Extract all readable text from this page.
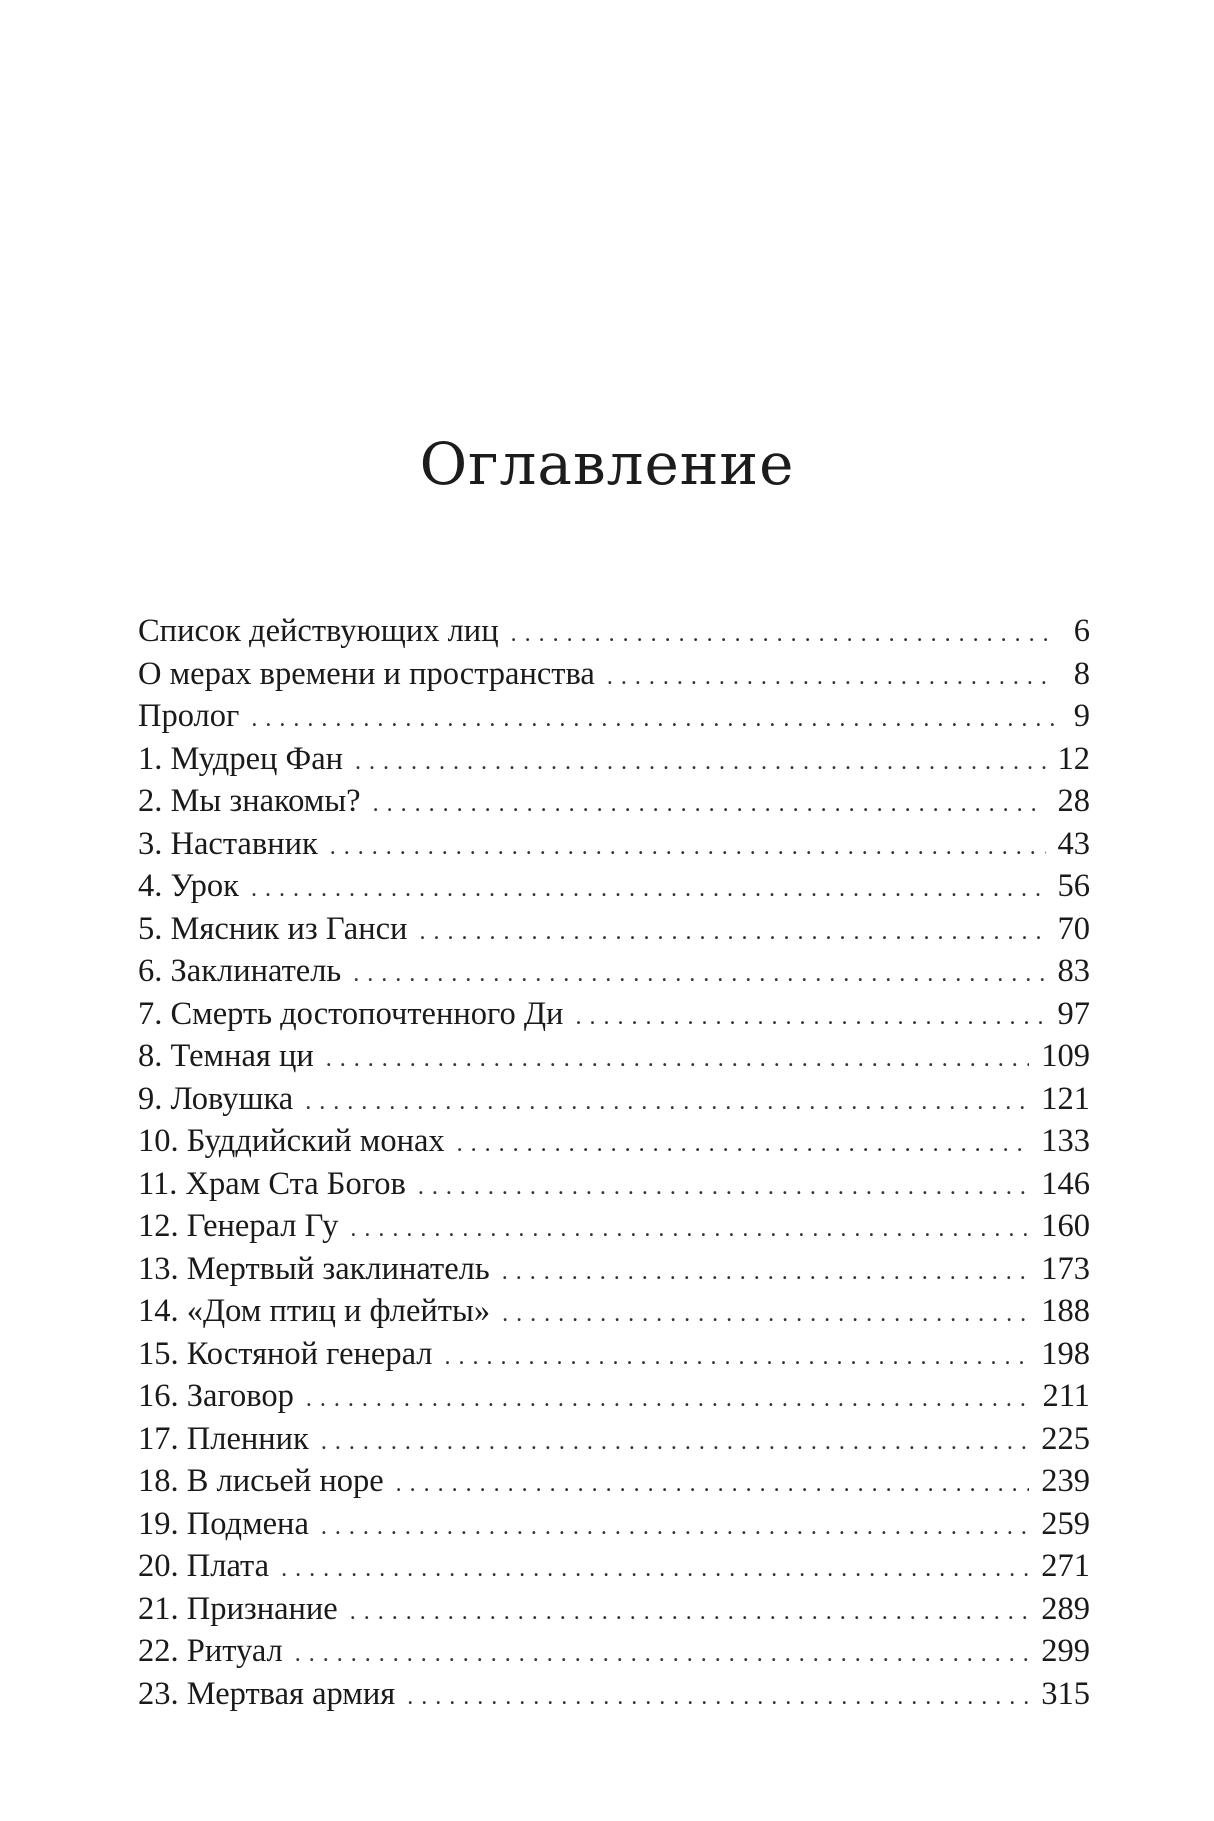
Оглавление
Список действующих лиц . . .	6
О мерах времени и пространства . . .	8
Пролог . . .	9
1. Мудрец Фан . . .	12
2. Мы знакомы? . . .	28
3. Наставник . . .	43
4. Урок . . .	56
5. Мясник из Ганси . . .	70
6. Заклинатель . . .	83
7. Смерть достопочтенного Ди . . .	97
8. Темная ци . . .	109
9. Ловушка . . .	121
10. Буддийский монах . . .	133
11. Храм Ста Богов . . .	146
12. Генерал Гу . . .	160
13. Мертвый заклинатель . . .	173
14. «Дом птиц и флейты» . . .	188
15. Костяной генерал . . .	198
16. Заговор . . .	211
17. Пленник . . .	225
18. В лисьей норе . . .	239
19. Подмена . . .	259
20. Плата . . .	271
21. Признание . . .	289
22. Ритуал . . .	299
23. Мертвая армия . . .	315
